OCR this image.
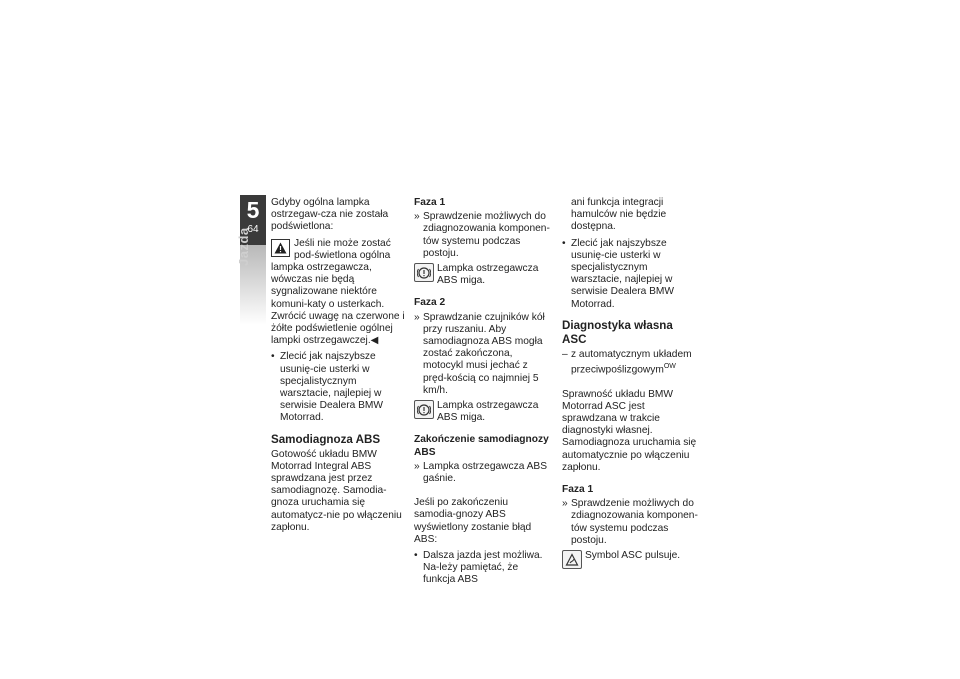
5
64
Jazda

Gdyby ogólna lampka ostrzegaw-cza nie została podświetlona:

Jeśli nie może zostać pod-świetlona ogólna lampka ostrzegawcza, wówczas nie będą sygnalizowane niektóre komuni-katy o usterkach.

Zwrócić uwagę na czerwone i żółte podświetlenie ogólnej lampki ostrzegawczej.◀

• Zlecić jak najszybsze usunię-cie usterki w specjalistycznym warsztacie, najlepiej w serwisie Dealera BMW Motorrad.
Samodiagnoza ABS

Gotowość układu BMW Motorrad Integral ABS sprawdzana jest przez samodiagnozę. Samodia-gnoza uruchamia się automatycz-nie po włączeniu zapłonu.

Faza 1
» Sprawdzenie możliwych do zdiagnozowania komponen-tów systemu podczas postoju.
Lampka ostrzegawcza ABS miga.
Faza 2
» Sprawdzanie czujników kół przy ruszaniu. Aby samodiagnoza ABS mogła zostać zakończona, motocykl musi jechać z pręd-kością co najmniej 5 km/h.
Lampka ostrzegawcza ABS miga.
Zakończenie samodiagnozy ABS
» Lampka ostrzegawcza ABS gaśnie.

Jeśli po zakończeniu samodia-gnozy ABS wyświetlony zostanie błąd ABS:

• Dalsza jazda jest możliwa. Na-leży pamiętać, że funkcja ABS

ani funkcja integracji hamulców nie będzie dostępna.

• Zlecić jak najszybsze usunię-cie usterki w specjalistycznym warsztacie, najlepiej w serwisie Dealera BMW Motorrad.
Diagnostyka własna ASC
– z automatycznym układem przeciwpoślizgowym$^{OW}$

Sprawność układu BMW Motorrad ASC jest sprawdzana w trakcie diagnostyki własnej. Samodiagnoza uruchamia się automatycznie po włączeniu zapłonu.

Faza 1
» Sprawdzenie możliwych do zdiagnozowania komponen-tów systemu podczas postoju.
Symbol ASC pulsuje.
